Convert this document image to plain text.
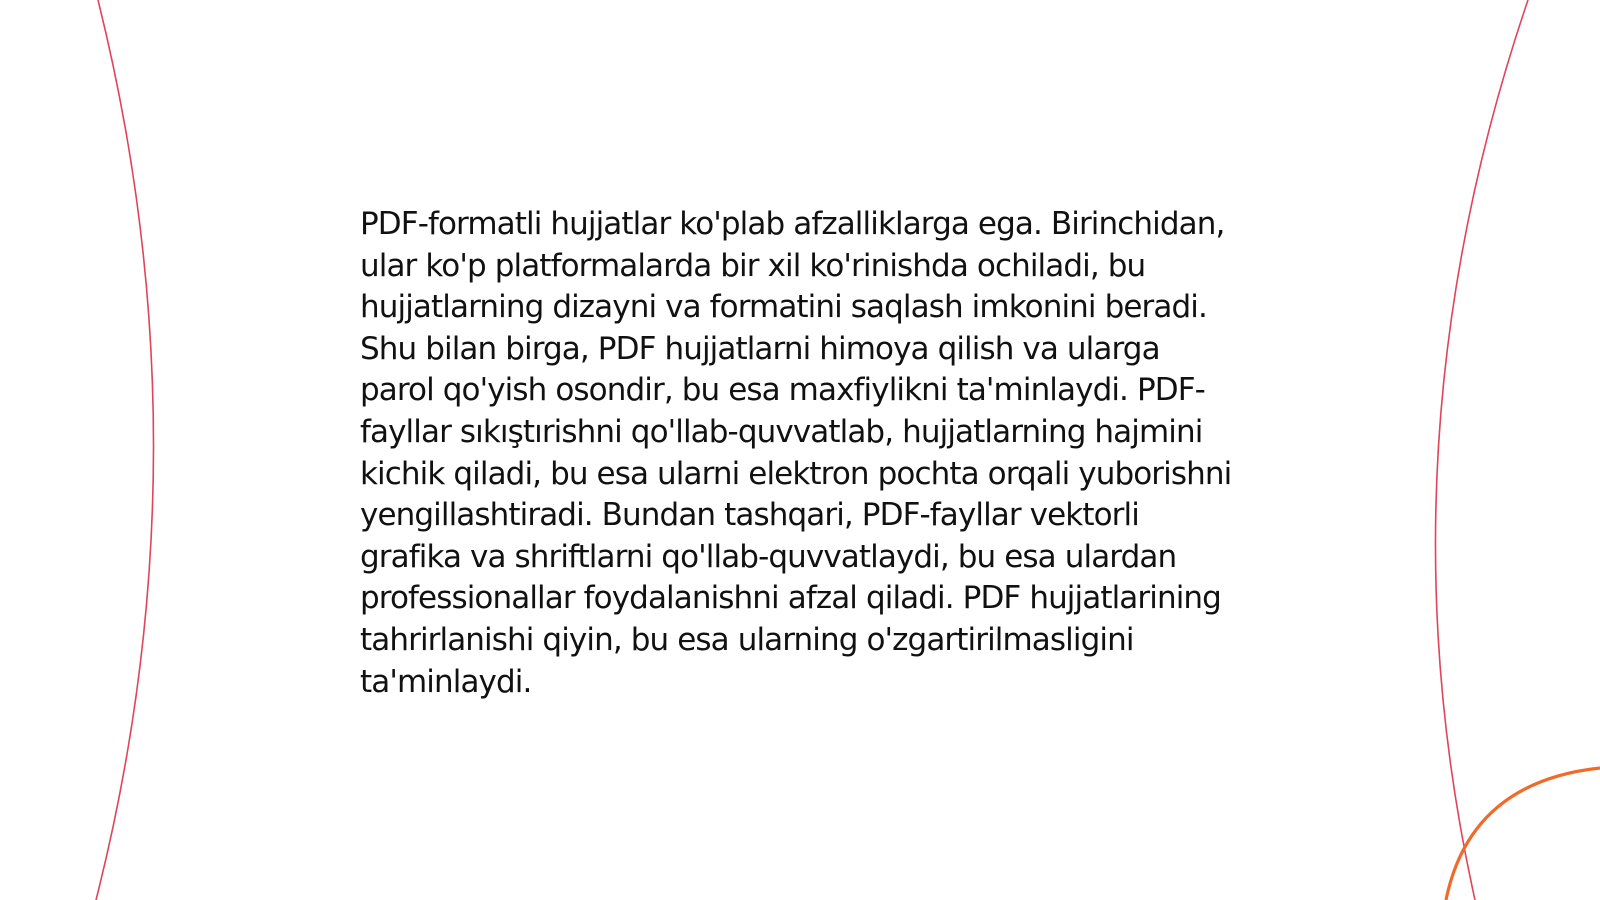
PDF-formatli hujjatlar ko'plab afzalliklarga ega. Birinchidan, ular ko'p platformalarda bir xil ko'rinishda ochiladi, bu hujjatlarning dizayni va formatini saqlash imkonini beradi. Shu bilan birga, PDF hujjatlarni himoya qilish va ularga parol qo'yish osondir, bu esa maxfiylikni ta'minlaydi. PDF-fayllar sıkıştırishni qo'llab-quvvatlab, hujjatlarning hajmini kichik qiladi, bu esa ularni elektron pochta orqali yuborishni yengillashtiradi. Bundan tashqari, PDF-fayllar vektorli grafika va shriftlarni qo'llab-quvvatlaydi, bu esa ulardan professionallar foydalanishni afzal qiladi. PDF hujjatlarining tahrirlanishi qiyin, bu esa ularning o'zgartirilmasligini ta'minlaydi.
